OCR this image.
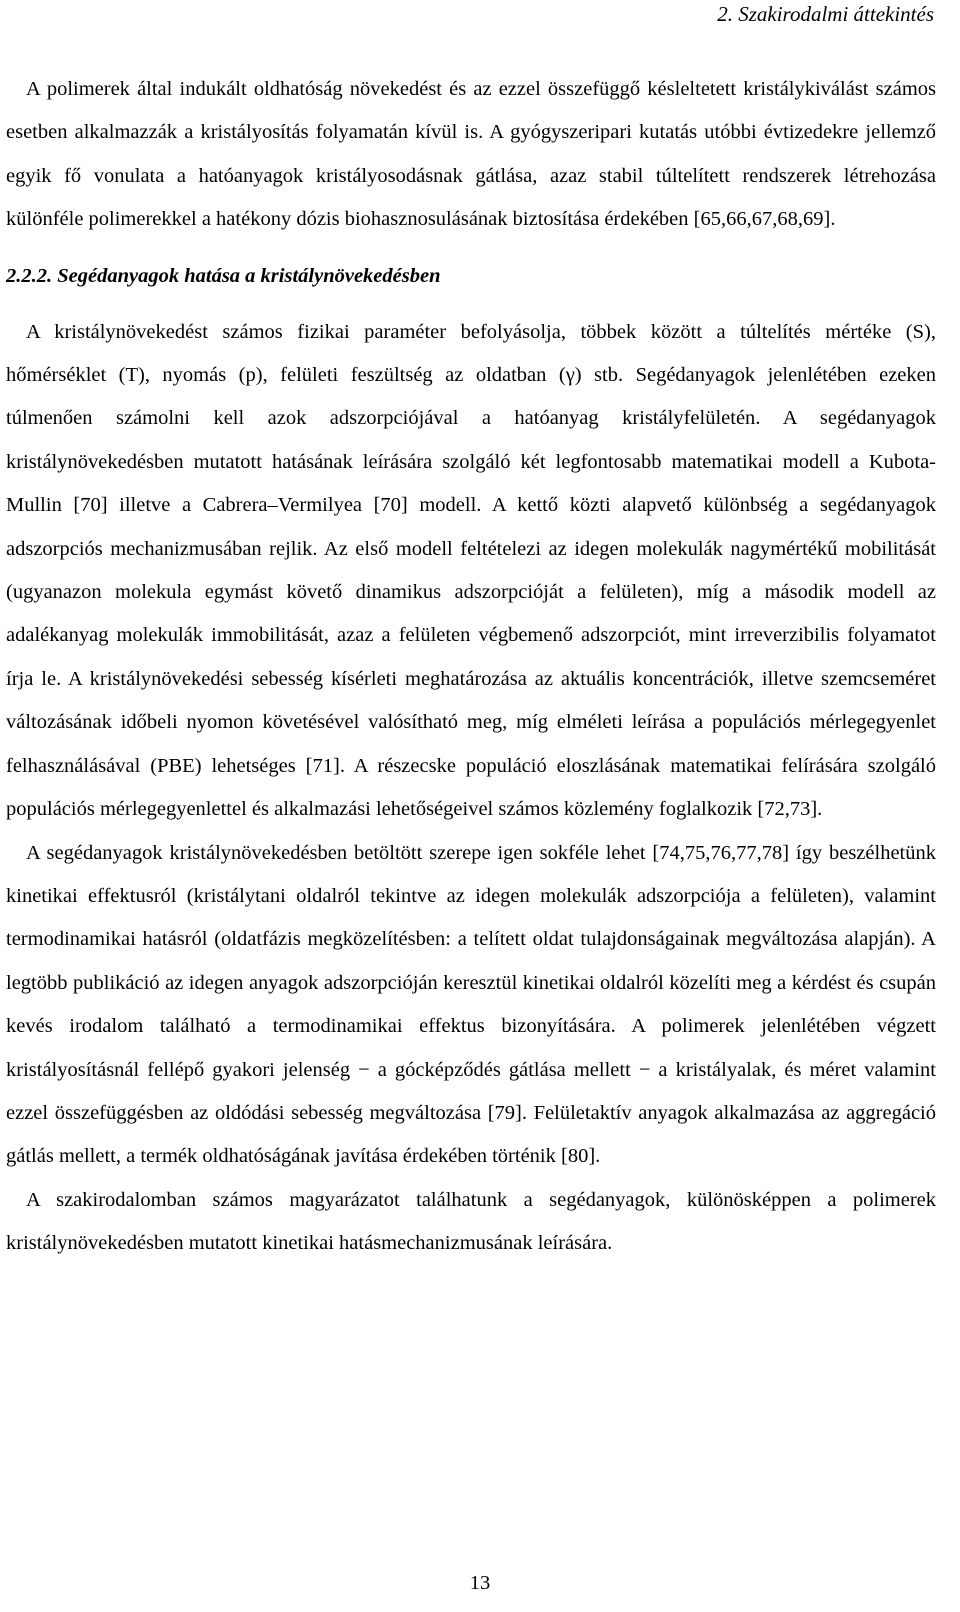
2. Szakirodalmi áttekintés

A polimerek által indukált oldhatóság növekedést és az ezzel összefüggő késleltetett kristálykiválást számos esetben alkalmazzák a kristályosítás folyamatán kívül is. A gyógyszeripari kutatás utóbbi évtizedekre jellemző egyik fő vonulata a hatóanyagok kristályosodásnak gátlása, azaz stabil túltelített rendszerek létrehozása különféle polimerekkel a hatékony dózis biohasznosulásának biztosítása érdekében [65,66,67,68,69].

2.2.2. Segédanyagok hatása a kristálynövekedésben

A kristálynövekedést számos fizikai paraméter befolyásolja, többek között a túltelítés mértéke (S), hőmérséklet (T), nyomás (p), felületi feszültség az oldatban (γ) stb. Segédanyagok jelenlétében ezeken túlmenően számolni kell azok adszorpciójával a hatóanyag kristályfelületén. A segédanyagok kristálynövekedésben mutatott hatásának leírására szolgáló két legfontosabb matematikai modell a Kubota-Mullin [70] illetve a Cabrera–Vermilyea [70] modell. A kettő közti alapvető különbség a segédanyagok adszorpciós mechanizmusában rejlik. Az első modell feltételezi az idegen molekulák nagymértékű mobilitását (ugyanazon molekula egymást követő dinamikus adszorpcióját a felületen), míg a második modell az adalékanyag molekulák immobilitását, azaz a felületen végbemenő adszorpciót, mint irreverzibilis folyamatot írja le. A kristálynövekedési sebesség kísérleti meghatározása az aktuális koncentrációk, illetve szemcseméret változásának időbeli nyomon követésével valósítható meg, míg elméleti leírása a populációs mérlegegyenlet felhasználásával (PBE) lehetséges [71]. A részecske populáció eloszlásának matematikai felírására szolgáló populációs mérlegegyenlettel és alkalmazási lehetőségeivel számos közlemény foglalkozik [72,73].

A segédanyagok kristálynövekedésben betöltött szerepe igen sokféle lehet [74,75,76,77,78] így beszélhetünk kinetikai effektusról (kristálytani oldalról tekintve az idegen molekulák adszorpciója a felületen), valamint termodinamikai hatásról (oldatfázis megközelítésben: a telített oldat tulajdonságainak megváltozása alapján). A legtöbb publikáció az idegen anyagok adszorpcióján keresztül kinetikai oldalról közelíti meg a kérdést és csupán kevés irodalom található a termodinamikai effektus bizonyítására. A polimerek jelenlétében végzett kristályosításnál fellépő gyakori jelenség − a gócképződés gátlása mellett − a kristályalak, és méret valamint ezzel összefüggésben az oldódási sebesség megváltozása [79]. Felületaktív anyagok alkalmazása az aggregáció gátlás mellett, a termék oldhatóságának javítása érdekében történik [80].

A szakirodalomban számos magyarázatot találhatunk a segédanyagok, különösképpen a polimerek kristálynövekedésben mutatott kinetikai hatásmechanizmusának leírására.

13
